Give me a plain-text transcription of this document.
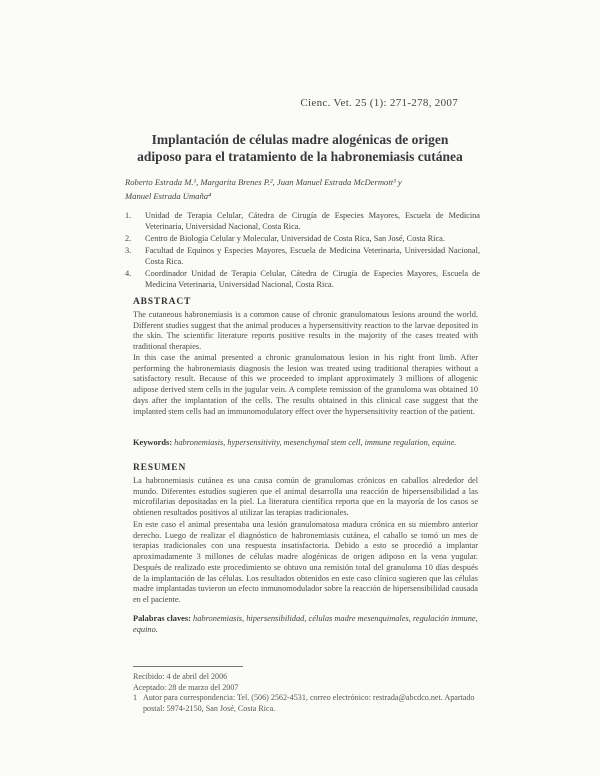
Cienc. Vet. 25 (1): 271-278, 2007
Implantación de células madre alogénicas de origen
adiposo para el tratamiento de la habronemiasis cutánea
Roberto Estrada M.¹, Margarita Brenes P.², Juan Manuel Estrada McDermott³ y
Manuel Estrada Umaña⁴
1.	Unidad de Terapia Celular, Cátedra de Cirugía de Especies Mayores, Escuela de Medicina Veterinaria, Universidad Nacional, Costa Rica.
2.	Centro de Biología Celular y Molecular, Universidad de Costa Rica, San José, Costa Rica.
3.	Facultad de Equinos y Especies Mayores, Escuela de Medicina Veterinaria, Universidad Nacional, Costa Rica.
4.	Coordinador Unidad de Terapia Celular, Cátedra de Cirugía de Especies Mayores, Escuela de Medicina Veterinaria, Universidad Nacional, Costa Rica.
ABSTRACT

The cutaneous habronemiasis is a common cause of chronic granulomatous lesions around the world. Different studies suggest that the animal produces a hypersensitivity reaction to the larvae deposited in the skin. The scientific literature reports positive results in the majority of the cases treated with traditional therapies.

In this case the animal presented a chronic granulomatous lesion in his right front limb. After performing the habronemiasis diagnosis the lesion was treated using traditional therapies without a satisfactory result. Because of this we proceeded to implant approximately 3 millions of allogenic adipose derived stem cells in the jugular vein. A complete remission of the granuloma was obtained 10 days after the implantation of the cells. The results obtained in this clinical case suggest that the implanted stem cells had an immunomodulatory effect over the hypersensitivity reaction of the patient.

Keywords: habronemiasis, hypersensitivity, mesenchymal stem cell, immune regulation, equine.
RESUMEN

La habronemiasis cutánea es una causa común de granulomas crónicos en caballos alrededor del mundo. Diferentes estudios sugieren que el animal desarrolla una reacción de hipersensibilidad a las microfilarias depositadas en la piel. La literatura científica reporta que en la mayoría de los casos se obtienen resultados positivos al utilizar las terapias tradicionales.

En este caso el animal presentaba una lesión granulomatosa madura crónica en su miembro anterior derecho. Luego de realizar el diagnóstico de habronemiasis cutánea, el caballo se tomó un mes de terapias tradicionales con una respuesta insatisfactoria. Debido a esto se procedió a implantar aproximadamente 3 millones de células madre alogénicas de origen adiposo en la vena yugular. Después de realizado este procedimiento se obtuvo una remisión total del granuloma 10 días después de la implantación de las células. Los resultados obtenidos en este caso clínico sugieren que las células madre implantadas tuvieron un efecto inmunomodulador sobre la reacción de hipersensibilidad causada en el paciente.

Palabras claves: habronemiasis, hipersensibilidad, células madre mesenquimales, regulación inmune, equino.
Recibido: 4 de abril del 2006
Aceptado: 28 de marzo del 2007
1 Autor para correspondencia: Tel. (506) 2562-4531, correo electrónico: restrada@abcdco.net. Apartado postal: 5974-2150, San José, Costa Rica.
